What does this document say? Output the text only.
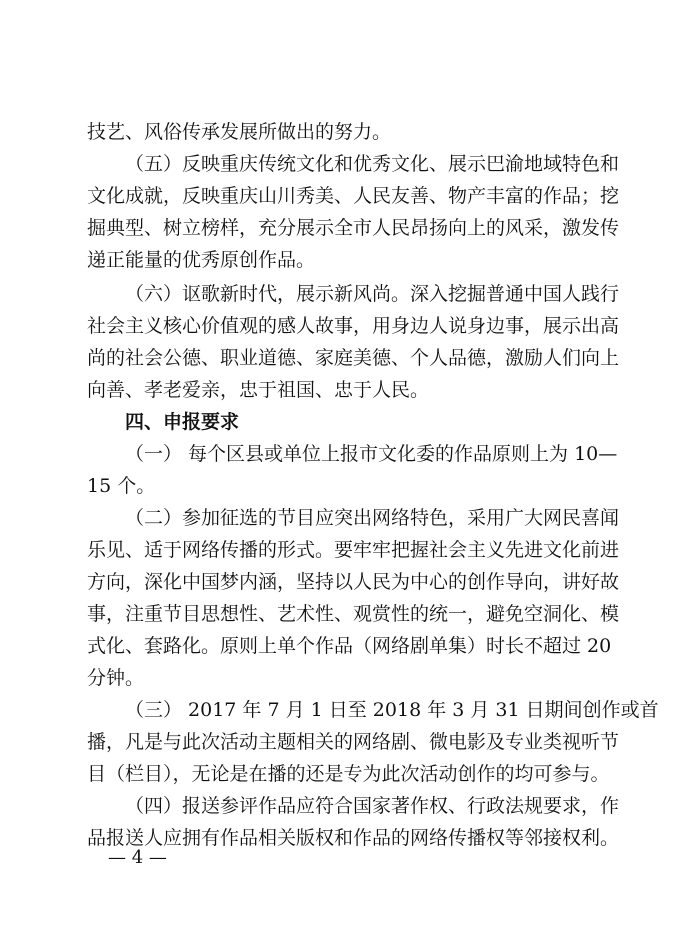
技艺、风俗传承发展所做出的努力。
（五）反映重庆传统文化和优秀文化、展示巴渝地域特色和
文化成就，反映重庆山川秀美、人民友善、物产丰富的作品；挖
掘典型、树立榜样，充分展示全市人民昂扬向上的风采，激发传
递正能量的优秀原创作品。
（六）讴歌新时代，展示新风尚。深入挖掘普通中国人践行
社会主义核心价值观的感人故事，用身边人说身边事，展示出高
尚的社会公德、职业道德、家庭美德、个人品德，激励人们向上
向善、孝老爱亲，忠于祖国、忠于人民。
四、申报要求
（一） 每个区县或单位上报市文化委的作品原则上为 10—
15 个。
（二）参加征选的节目应突出网络特色，采用广大网民喜闻
乐见、适于网络传播的形式。要牢牢把握社会主义先进文化前进
方向，深化中国梦内涵，坚持以人民为中心的创作导向，讲好故
事，注重节目思想性、艺术性、观赏性的统一，避免空洞化、模
式化、套路化。原则上单个作品（网络剧单集）时长不超过 20
分钟。
（三） 2017 年 7 月 1 日至 2018 年 3 月 31 日期间创作或首
播，凡是与此次活动主题相关的网络剧、微电影及专业类视听节
目（栏目），无论是在播的还是专为此次活动创作的均可参与。
（四）报送参评作品应符合国家著作权、行政法规要求，作
品报送人应拥有作品相关版权和作品的网络传播权等邻接权利。
— 4 —
